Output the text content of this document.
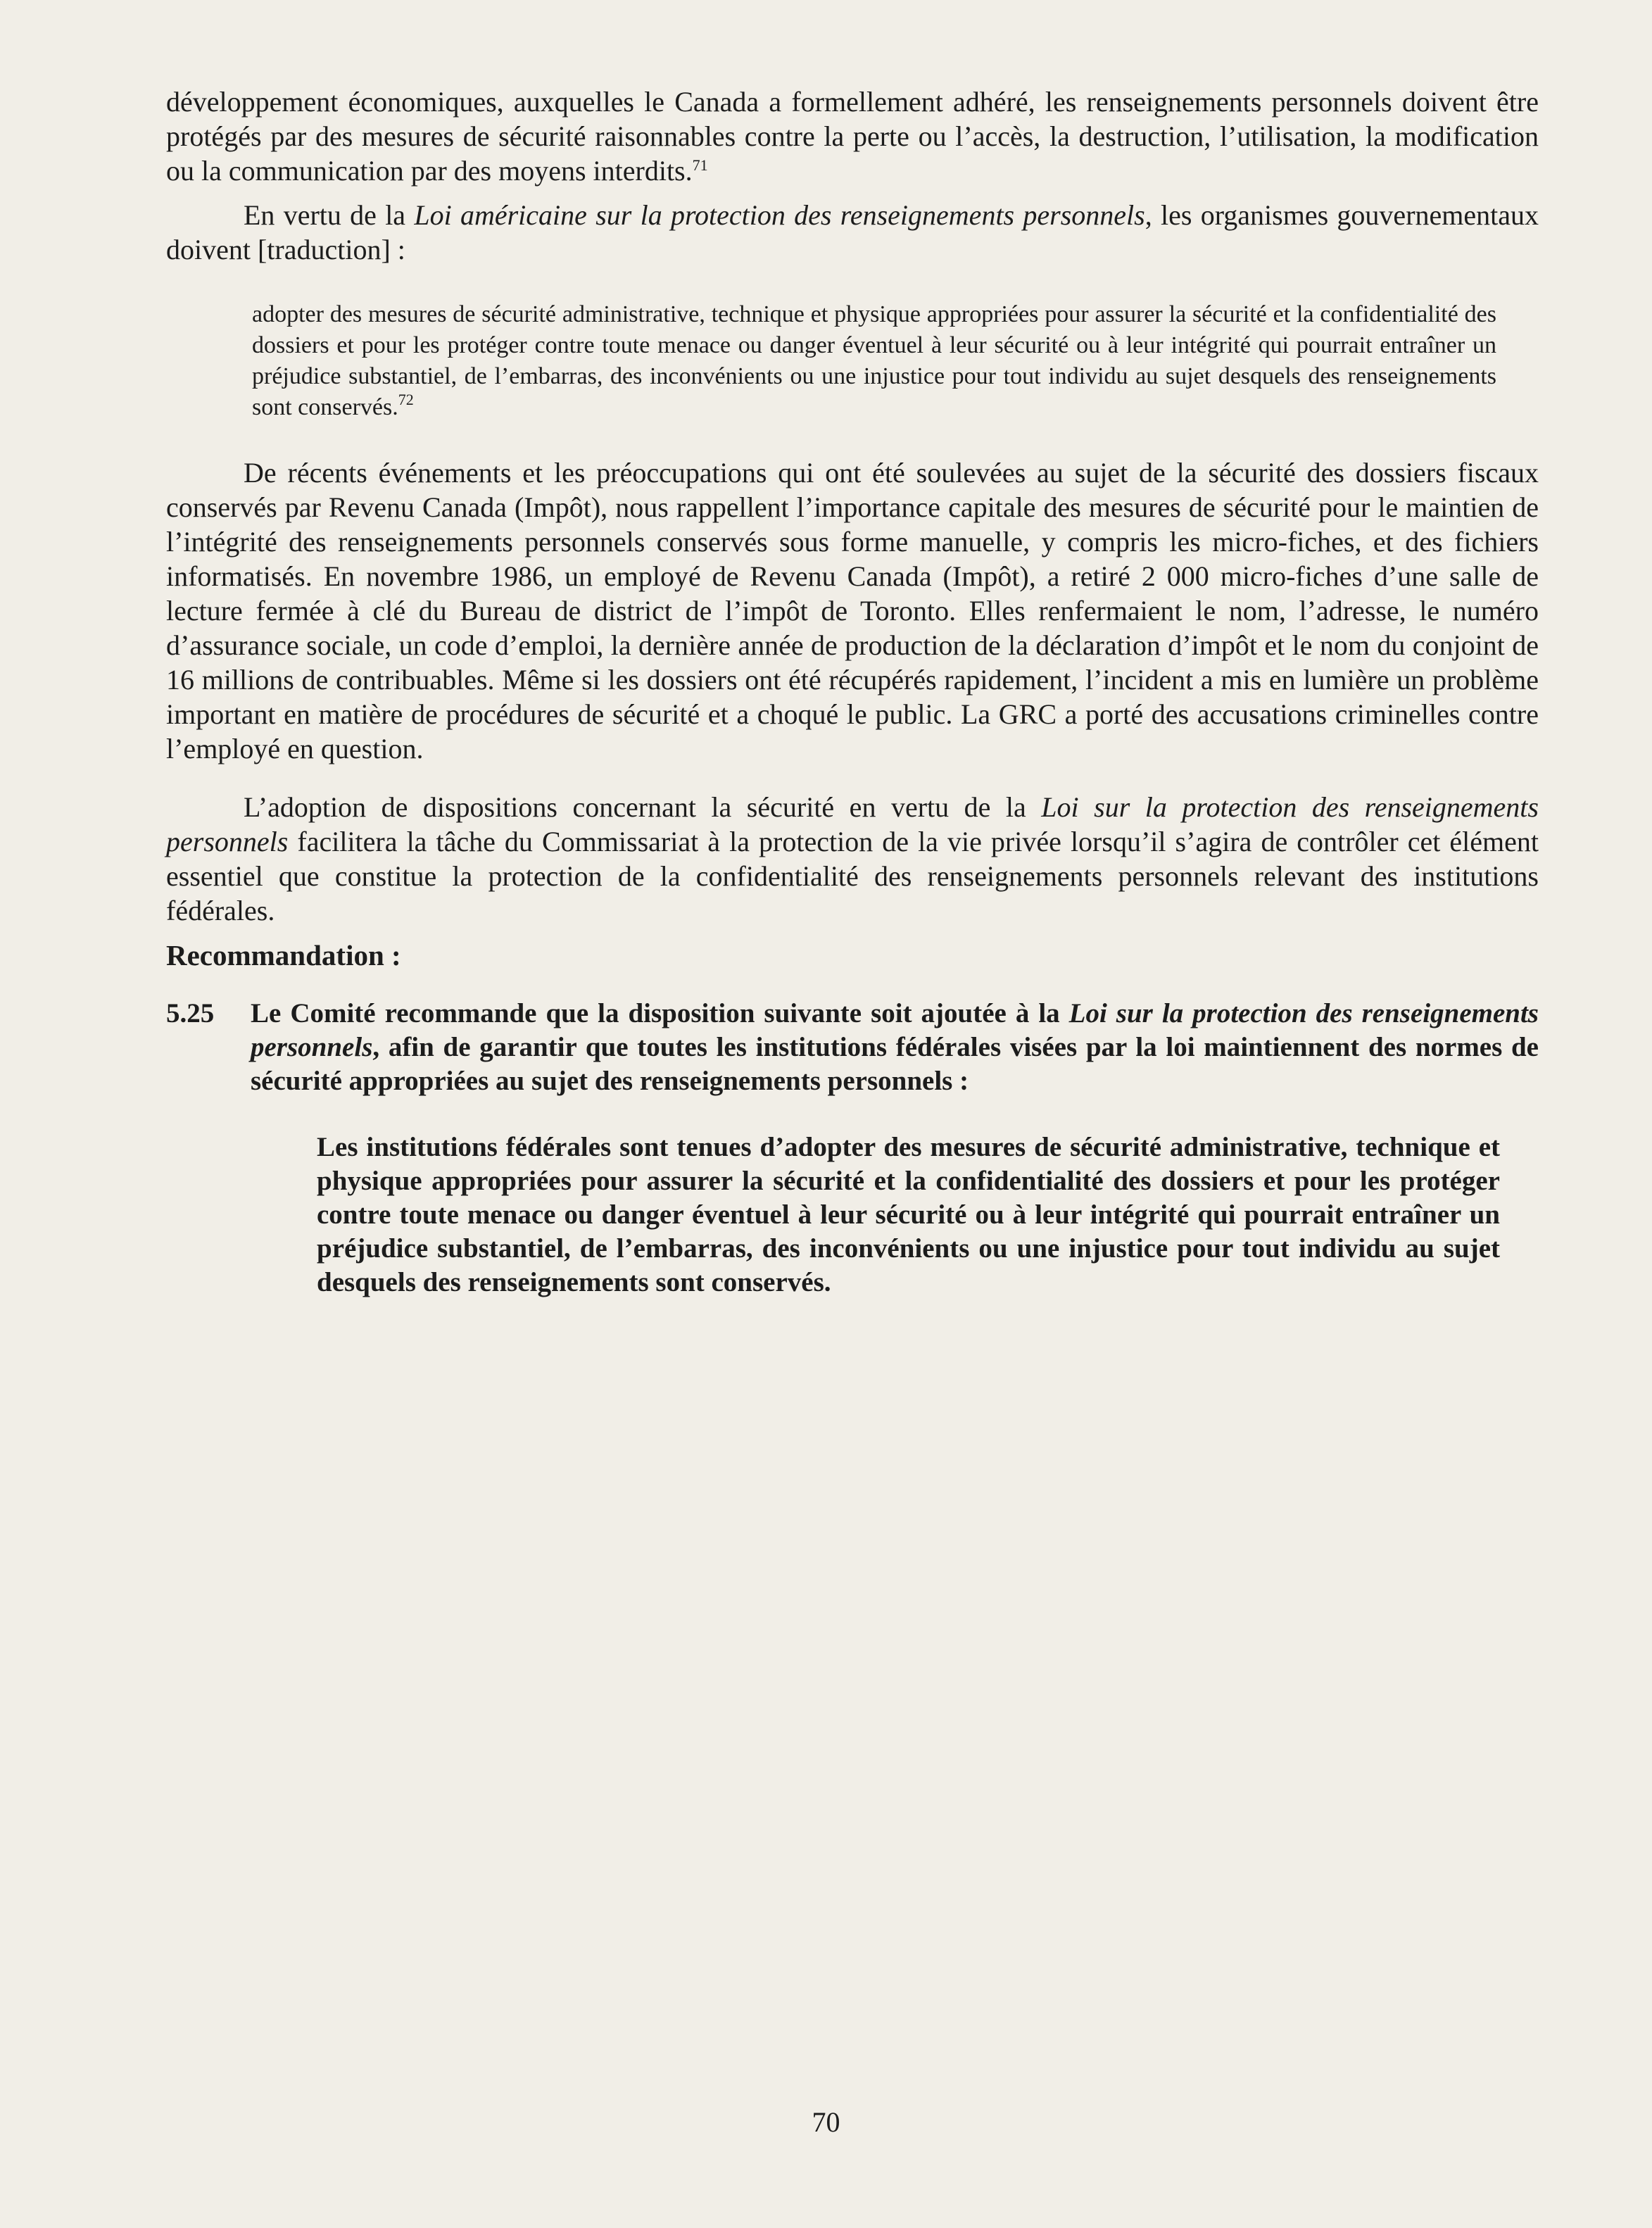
développement économiques, auxquelles le Canada a formellement adhéré, les renseignements personnels doivent être protégés par des mesures de sécurité raisonnables contre la perte ou l’accès, la destruction, l’utilisation, la modification ou la communication par des moyens interdits.$^{71}$

En vertu de la Loi américaine sur la protection des renseignements personnels, les organismes gouvernementaux doivent [traduction] :

adopter des mesures de sécurité administrative, technique et physique appropriées pour assurer la sécurité et la confidentialité des dossiers et pour les protéger contre toute menace ou danger éventuel à leur sécurité ou à leur intégrité qui pourrait entraîner un préjudice substantiel, de l’embarras, des inconvénients ou une injustice pour tout individu au sujet desquels des renseignements sont conservés.$^{72}$

De récents événements et les préoccupations qui ont été soulevées au sujet de la sécurité des dossiers fiscaux conservés par Revenu Canada (Impôt), nous rappellent l’importance capitale des mesures de sécurité pour le maintien de l’intégrité des renseignements personnels conservés sous forme manuelle, y compris les micro-fiches, et des fichiers informatisés. En novembre 1986, un employé de Revenu Canada (Impôt), a retiré 2 000 micro-fiches d’une salle de lecture fermée à clé du Bureau de district de l’impôt de Toronto. Elles renfermaient le nom, l’adresse, le numéro d’assurance sociale, un code d’emploi, la dernière année de production de la déclaration d’impôt et le nom du conjoint de 16 millions de contribuables. Même si les dossiers ont été récupérés rapidement, l’incident a mis en lumière un problème important en matière de procédures de sécurité et a choqué le public. La GRC a porté des accusations criminelles contre l’employé en question.

L’adoption de dispositions concernant la sécurité en vertu de la Loi sur la protection des renseignements personnels facilitera la tâche du Commissariat à la protection de la vie privée lorsqu’il s’agira de contrôler cet élément essentiel que constitue la protection de la confidentialité des renseignements personnels relevant des institutions fédérales.

Recommandation :

5.25	Le Comité recommande que la disposition suivante soit ajoutée à la Loi sur la protection des renseignements personnels, afin de garantir que toutes les institutions fédérales visées par la loi maintiennent des normes de sécurité appropriées au sujet des renseignements personnels :

Les institutions fédérales sont tenues d’adopter des mesures de sécurité administrative, technique et physique appropriées pour assurer la sécurité et la confidentialité des dossiers et pour les protéger contre toute menace ou danger éventuel à leur sécurité ou à leur intégrité qui pourrait entraîner un préjudice substantiel, de l’embarras, des inconvénients ou une injustice pour tout individu au sujet desquels des renseignements sont conservés.

70
